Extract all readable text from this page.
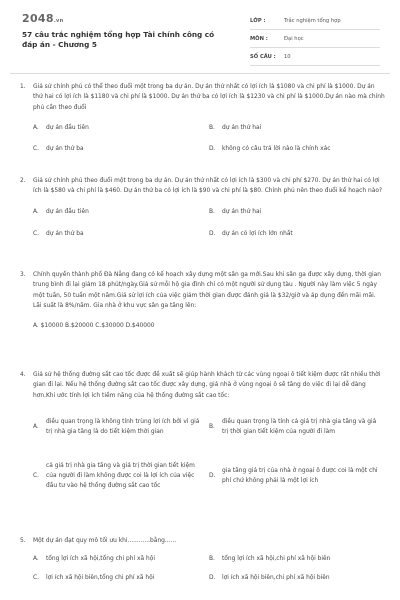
2048.vn
57 câu trắc nghiệm tổng hợp Tài chính công có đáp án - Chương 5
LỚP :	Trắc nghiệm tổng hợp
MÔN :	Đại học
SỐ CÂU :	10
1. Giả sử chính phủ có thể theo đuổi một trong ba dự án. Dự án thứ nhất có lợi ích là $1080 và chi phí là $1000. Dự án thứ hai có lợi ích là $1180 và chi phí là $1000. Dự án thứ ba có lợi ích là $1230 và chi phí là $1000.Dự án nào mà chính phủ cần theo đuổi
A.	dự án đầu tiên	B.	dự án thứ hai
C.	dự án thứ ba	D.	không có câu trả lời nào là chính xác
2. Giả sử chính phủ theo đuổi một trong ba dự án. Dự án thứ nhất có lợi ích là $300 và chi phí $270. Dự án thứ hai có lợi ích là $580 và chi phí là $460. Dự án thứ ba có lợi ích là $90 và chi phí là $80. Chính phủ nên theo đuổi kế hoạch nào?
A.	dự án đầu tiên	B.	dự án thứ hai
C.	dự án thứ ba	D.	dự án có lợi ích lớn nhất
3. Chính quyền thành phố Đà Nẵng đang có kế hoạch xây dựng một sân ga mới.Sau khi sân ga được xây dựng, thời gian trung bình đi lại giảm 18 phút/ngày.Giả sử mỗi hộ gia đình chỉ có một người sử dụng tàu . Người này làm việc 5 ngày một tuần, 50 tuần một năm.Giả sử lợi ích của việc giảm thời gian được đánh giá là $32/giờ và áp dụng đến mãi mãi. Lãi suất là 8%/năm. Gia nhà ở khu vực sân ga tăng lên:
A. $10000 B.$20000 C.$30000 D.$40000
4. Giả sử hệ thống đường sắt cao tốc được đề xuất sẽ giúp hành khách từ các vùng ngoại ô tiết kiệm được rất nhiều thời gian đi lại. Nếu hệ thống đường sắt cao tốc được xây dựng, giá nhà ở vùng ngoại ô sẽ tăng do việc đi lại dễ dàng hơn.Khi ước tính lợi ích tiềm năng của hệ thống đường sắt cao tốc:
A.
điều quan trọng là không tính trùng lợi ích bởi vì giá trị nhà gia tăng là do tiết kiệm thời gian
B.
điều quan trọng là tính cả giá trị nhà gia tăng và giá trị thời gian tiết kiệm của người đi làm
C.
cả giá trị nhà gia tăng và giá trị thời gian tiết kiệm của người đi làm không được coi là lợi ích của việc đầu tư vào hệ thống đường sắt cao tốc
D.
gia tăng giá trị của nhà ở ngoại ô được coi là một chi phí chứ không phải là một lợi ích
5. Một dự án đạt quy mô tối ưu khi............bằng......
A.	tổng lợi ích xã hội,tổng chi phí xã hội	B.	tổng lợi ích xã hội,chi phí xã hội biên
C.	lợi ích xã hội biên,tổng chi phí xã hội	D.	lợi ích xã hội biên,chi phí xã hội biên
